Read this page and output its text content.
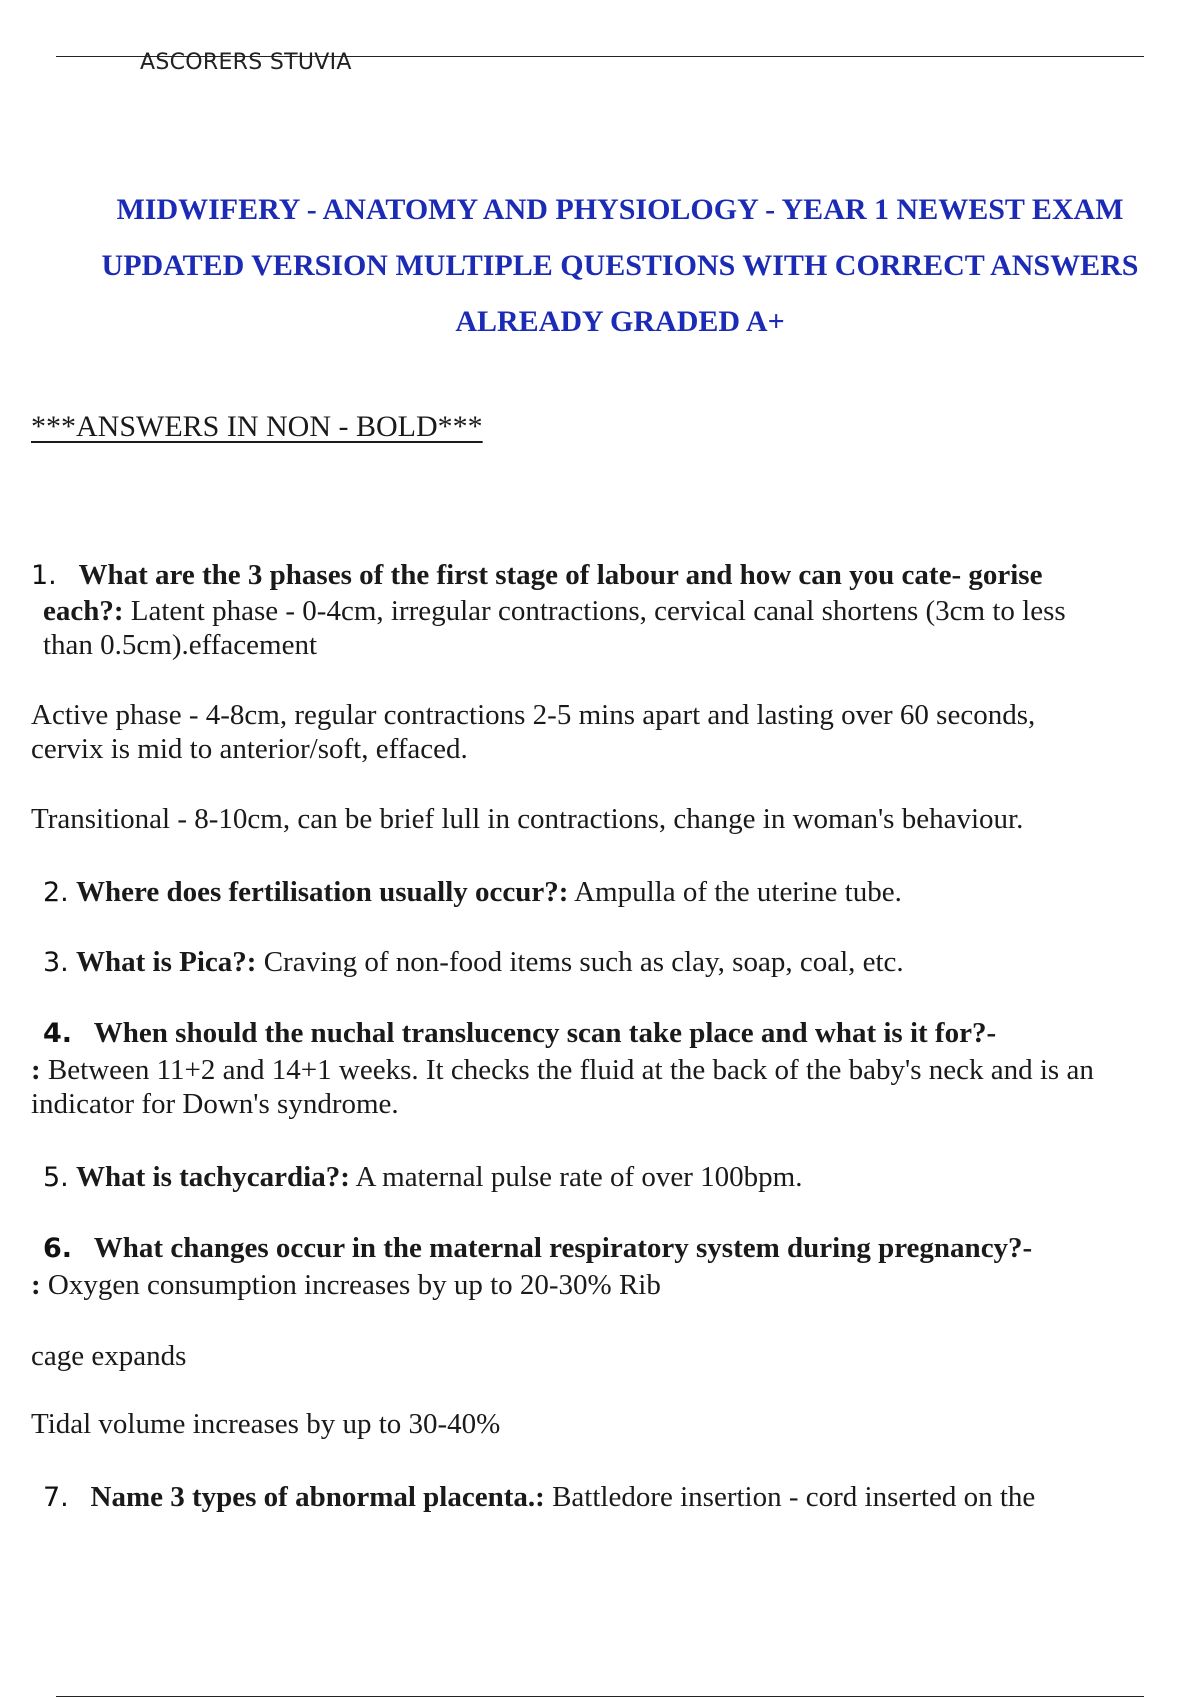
ASCORERS STUVIA
MIDWIFERY - ANATOMY AND PHYSIOLOGY - YEAR 1 NEWEST EXAM
UPDATED VERSION MULTIPLE QUESTIONS WITH CORRECT ANSWERS
ALREADY GRADED A+
***ANSWERS IN NON - BOLD***
1. What are the 3 phases of the first stage of labour and how can you cate- gorise
each?: Latent phase - 0-4cm, irregular contractions, cervical canal shortens (3cm to less
than 0.5cm).effacement
Active phase - 4-8cm, regular contractions 2-5 mins apart and lasting over 60 seconds,
cervix is mid to anterior/soft, effaced.
Transitional - 8-10cm, can be brief lull in contractions, change in woman's behaviour.
2. Where does fertilisation usually occur?: Ampulla of the uterine tube.
3. What is Pica?: Craving of non-food items such as clay, soap, coal, etc.
4. When should the nuchal translucency scan take place and what is it for?-
: Between 11+2 and 14+1 weeks. It checks the fluid at the back of the baby's neck and is an
indicator for Down's syndrome.
5. What is tachycardia?: A maternal pulse rate of over 100bpm.
6. What changes occur in the maternal respiratory system during pregnancy?-
: Oxygen consumption increases by up to 20-30% Rib
cage expands
Tidal volume increases by up to 30-40%
7. Name 3 types of abnormal placenta.: Battledore insertion - cord inserted on the
